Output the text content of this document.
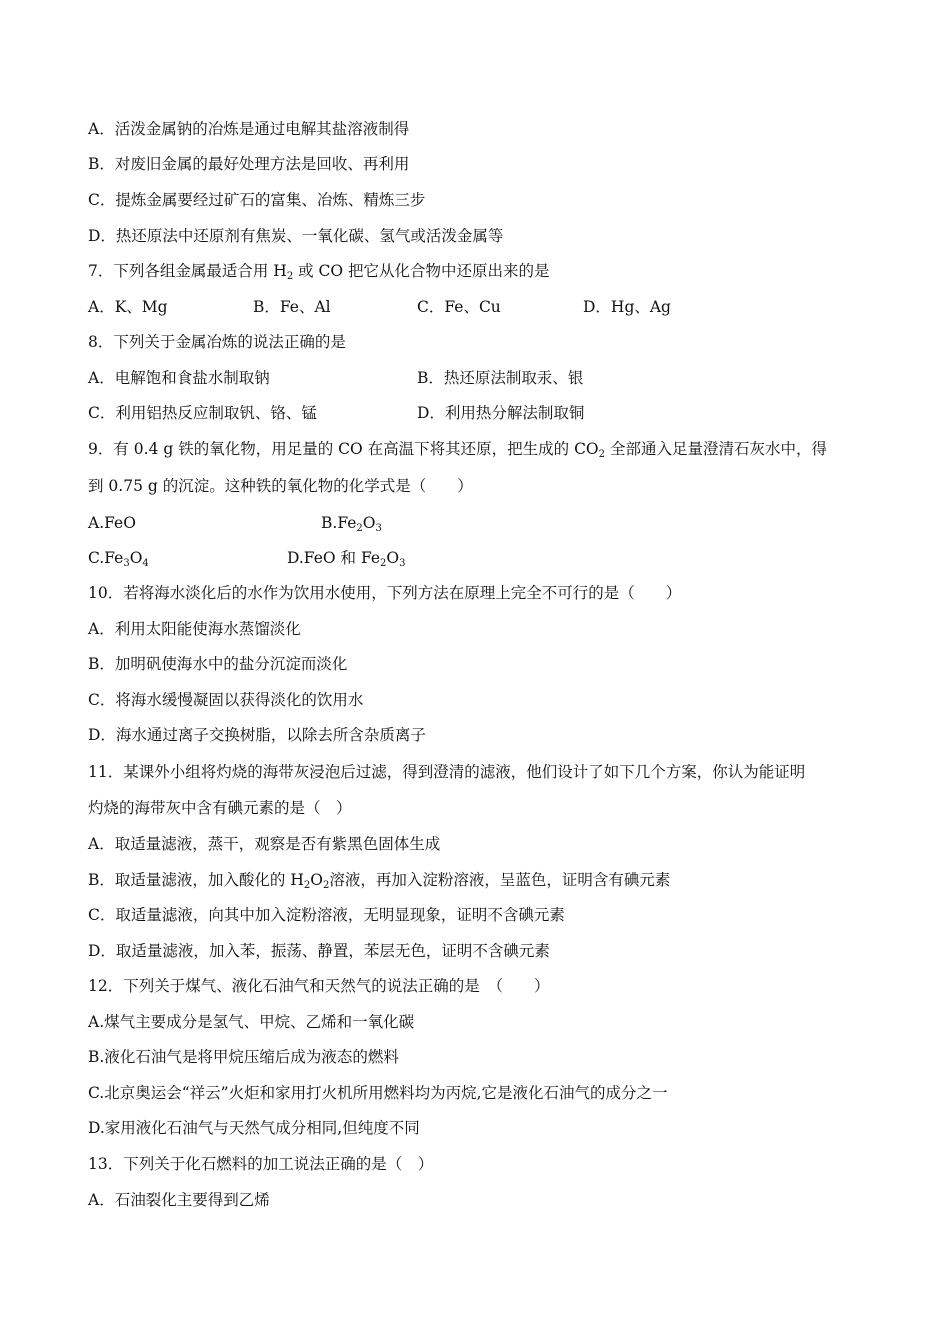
A．活泼金属钠的冶炼是通过电解其盐溶液制得
B．对废旧金属的最好处理方法是回收、再利用
C．提炼金属要经过矿石的富集、冶炼、精炼三步
D．热还原法中还原剂有焦炭、一氧化碳、氢气或活泼金属等
7．下列各组金属最适合用 $H_2$ 或 CO 把它从化合物中还原出来的是
A．K、Mg	B．Fe、Al	C．Fe、Cu	D．Hg、Ag
8．下列关于金属冶炼的说法正确的是
A．电解饱和食盐水制取钠	B．热还原法制取汞、银
C．利用铝热反应制取钒、铬、锰	D．利用热分解法制取铜
9．有 0.4 g 铁的氧化物，用足量的 CO 在高温下将其还原，把生成的 $CO_2$ 全部通入足量澄清石灰水中，得
到 0.75 g 的沉淀。这种铁的氧化物的化学式是（　　）
A.FeO	$B.Fe_2O_3$
$C.Fe_3O_4$	D.FeO 和 $Fe_2O_3$
10．若将海水淡化后的水作为饮用水使用，下列方法在原理上完全不可行的是（　　）
A．利用太阳能使海水蒸馏淡化
B．加明矾使海水中的盐分沉淀而淡化
C．将海水缓慢凝固以获得淡化的饮用水
D．海水通过离子交换树脂，以除去所含杂质离子
11．某课外小组将灼烧的海带灰浸泡后过滤，得到澄清的滤液，他们设计了如下几个方案，你认为能证明
灼烧的海带灰中含有碘元素的是（　）
A．取适量滤液，蒸干，观察是否有紫黑色固体生成
B．取适量滤液，加入酸化的 $H_2O_2$溶液，再加入淀粉溶液，呈蓝色，证明含有碘元素
C．取适量滤液，向其中加入淀粉溶液，无明显现象，证明不含碘元素
D．取适量滤液，加入苯，振荡、静置，苯层无色，证明不含碘元素
12．下列关于煤气、液化石油气和天然气的说法正确的是　（　　）
A.煤气主要成分是氢气、甲烷、乙烯和一氧化碳
B.液化石油气是将甲烷压缩后成为液态的燃料
C.北京奥运会“祥云”火炬和家用打火机所用燃料均为丙烷,它是液化石油气的成分之一
D.家用液化石油气与天然气成分相同,但纯度不同
13．下列关于化石燃料的加工说法正确的是（　）
A．石油裂化主要得到乙烯
